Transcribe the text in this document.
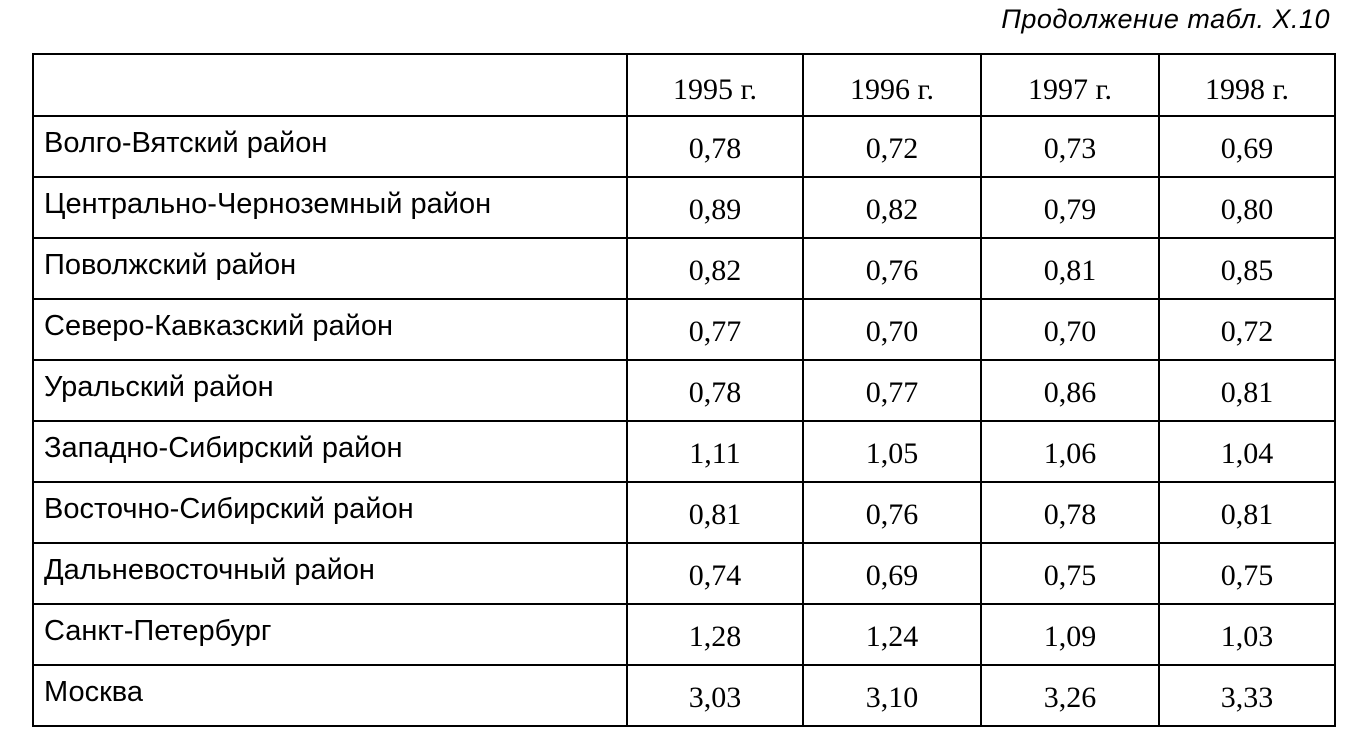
Продолжение табл. X.10
	1995 г.	1996 г.	1997 г.	1998 г.
Волго-Вятский район	0,78	0,72	0,73	0,69
Центрально-Черноземный район	0,89	0,82	0,79	0,80
Поволжский район	0,82	0,76	0,81	0,85
Северо-Кавказский район	0,77	0,70	0,70	0,72
Уральский район	0,78	0,77	0,86	0,81
Западно-Сибирский район	1,11	1,05	1,06	1,04
Восточно-Сибирский район	0,81	0,76	0,78	0,81
Дальневосточный район	0,74	0,69	0,75	0,75
Санкт-Петербург	1,28	1,24	1,09	1,03
Москва	3,03	3,10	3,26	3,33
